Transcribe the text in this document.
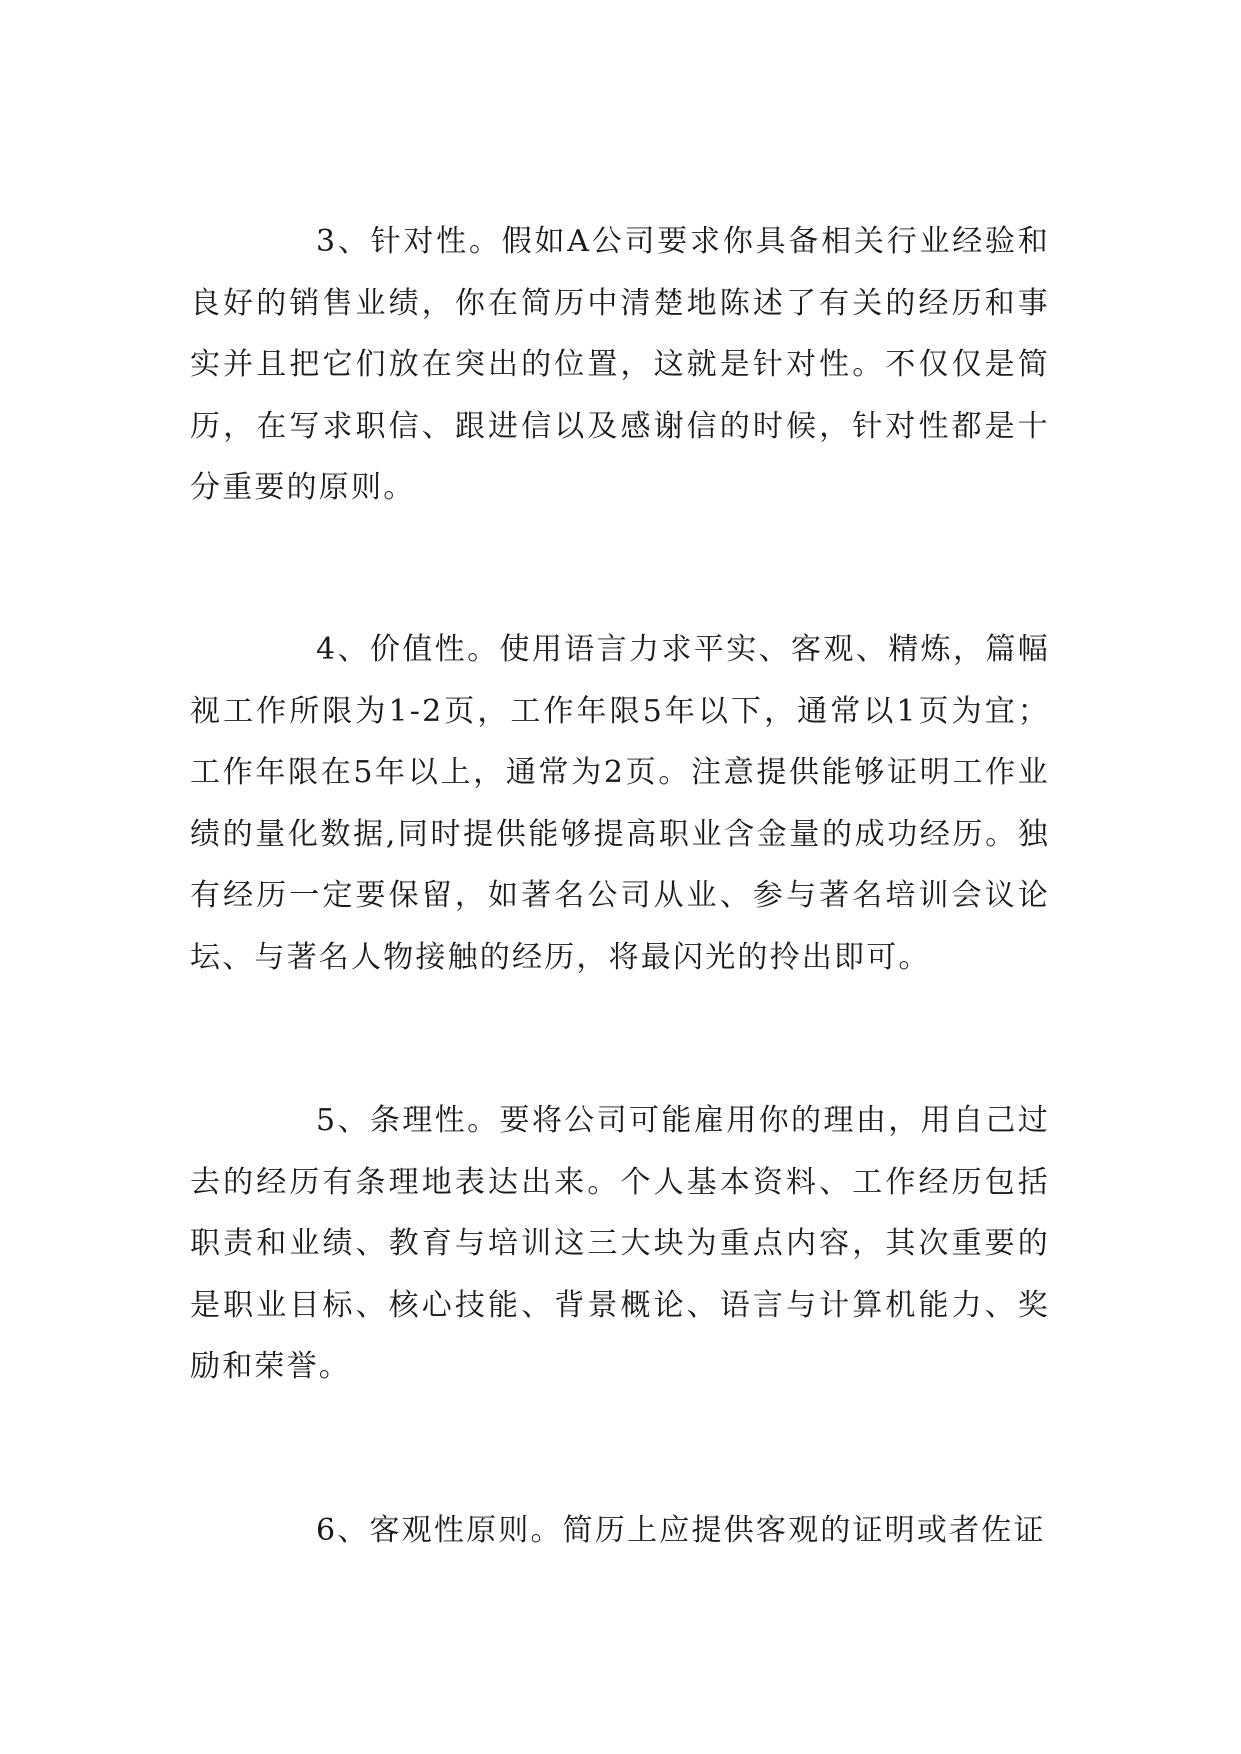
3、针对性。假如A公司要求你具备相关行业经验和良好的销售业绩，你在简历中清楚地陈述了有关的经历和事实并且把它们放在突出的位置，这就是针对性。不仅仅是简历，在写求职信、跟进信以及感谢信的时候，针对性都是十分重要的原则。

4、价值性。使用语言力求平实、客观、精炼，篇幅视工作所限为1-2页，工作年限5年以下，通常以1页为宜；工作年限在5年以上，通常为2页。注意提供能够证明工作业绩的量化数据,同时提供能够提高职业含金量的成功经历。独有经历一定要保留，如著名公司从业、参与著名培训会议论坛、与著名人物接触的经历，将最闪光的拎出即可。

5、条理性。要将公司可能雇用你的理由，用自己过去的经历有条理地表达出来。个人基本资料、工作经历包括职责和业绩、教育与培训这三大块为重点内容，其次重要的是职业目标、核心技能、背景概论、语言与计算机能力、奖励和荣誉。

6、客观性原则。简历上应提供客观的证明或者佐证
